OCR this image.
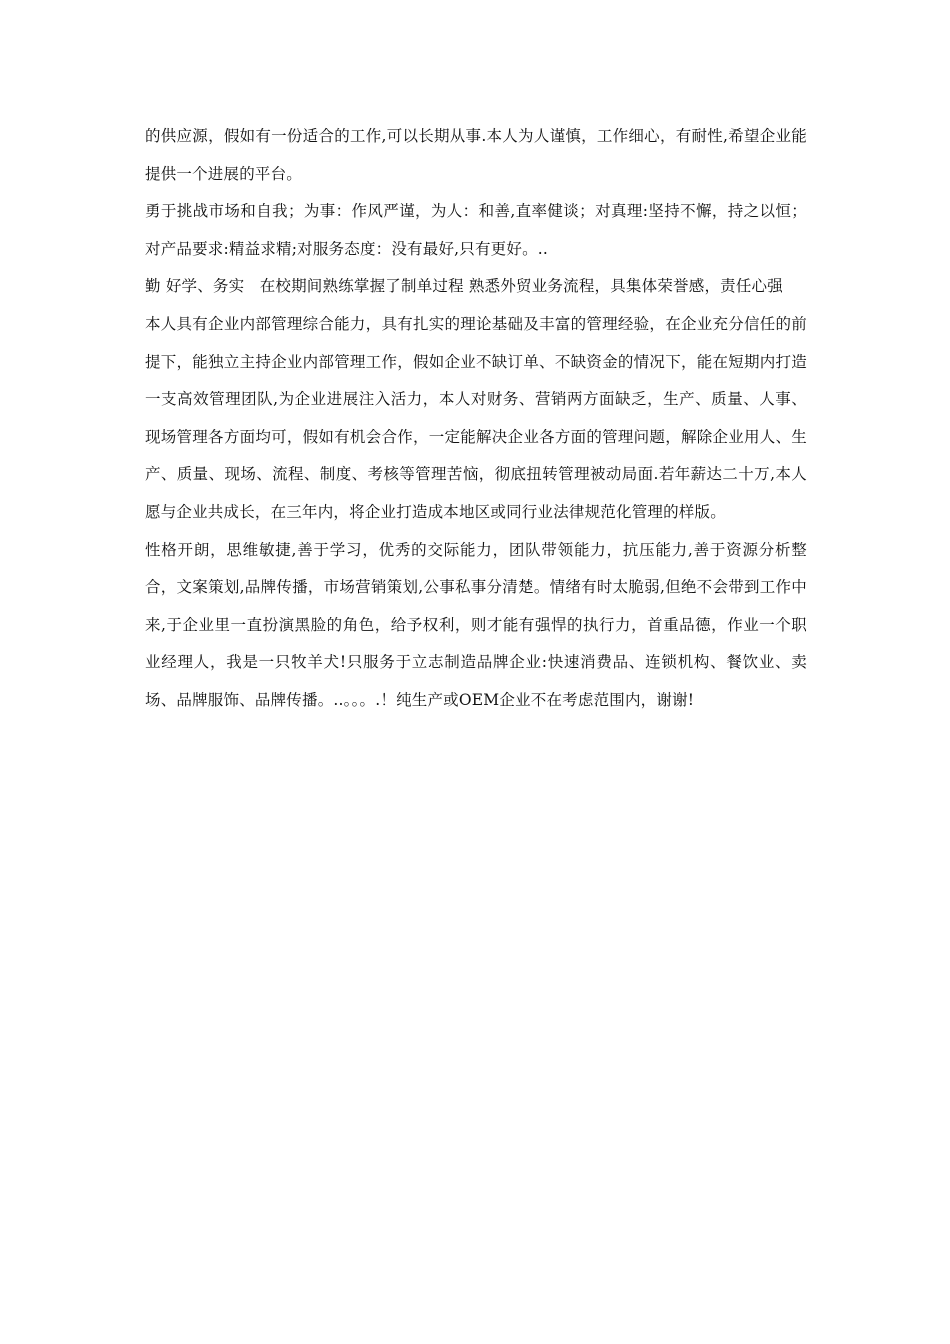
的供应源，假如有一份适合的工作,可以长期从事.本人为人谨慎，工作细心，有耐性,希望企业能提供一个进展的平台。

勇于挑战市场和自我；为事：作风严谨，为人：和善,直率健谈；对真理:坚持不懈，持之以恒；对产品要求:精益求精;对服务态度：没有最好,只有更好。..

勤 好学、务实   在校期间熟练掌握了制单过程 熟悉外贸业务流程，具集体荣誉感，责任心强

本人具有企业内部管理综合能力，具有扎实的理论基础及丰富的管理经验，在企业充分信任的前提下，能独立主持企业内部管理工作，假如企业不缺订单、不缺资金的情况下，能在短期内打造一支高效管理团队,为企业进展注入活力，本人对财务、营销两方面缺乏，生产、质量、人事、现场管理各方面均可，假如有机会合作，一定能解决企业各方面的管理问题，解除企业用人、生产、质量、现场、流程、制度、考核等管理苦恼，彻底扭转管理被动局面.若年薪达二十万,本人愿与企业共成长，在三年内，将企业打造成本地区或同行业法律规范化管理的样版。

性格开朗，思维敏捷,善于学习，优秀的交际能力，团队带领能力，抗压能力,善于资源分析整合，文案策划,品牌传播，市场营销策划,公事私事分清楚。情绪有时太脆弱,但绝不会带到工作中来,于企业里一直扮演黑脸的角色，给予权利，则才能有强悍的执行力，首重品德，作业一个职业经理人，我是一只牧羊犬!只服务于立志制造品牌企业:快速消费品、连锁机构、餐饮业、卖场、品牌服饰、品牌传播。..。。。.！纯生产或OEM企业不在考虑范围内，谢谢!
